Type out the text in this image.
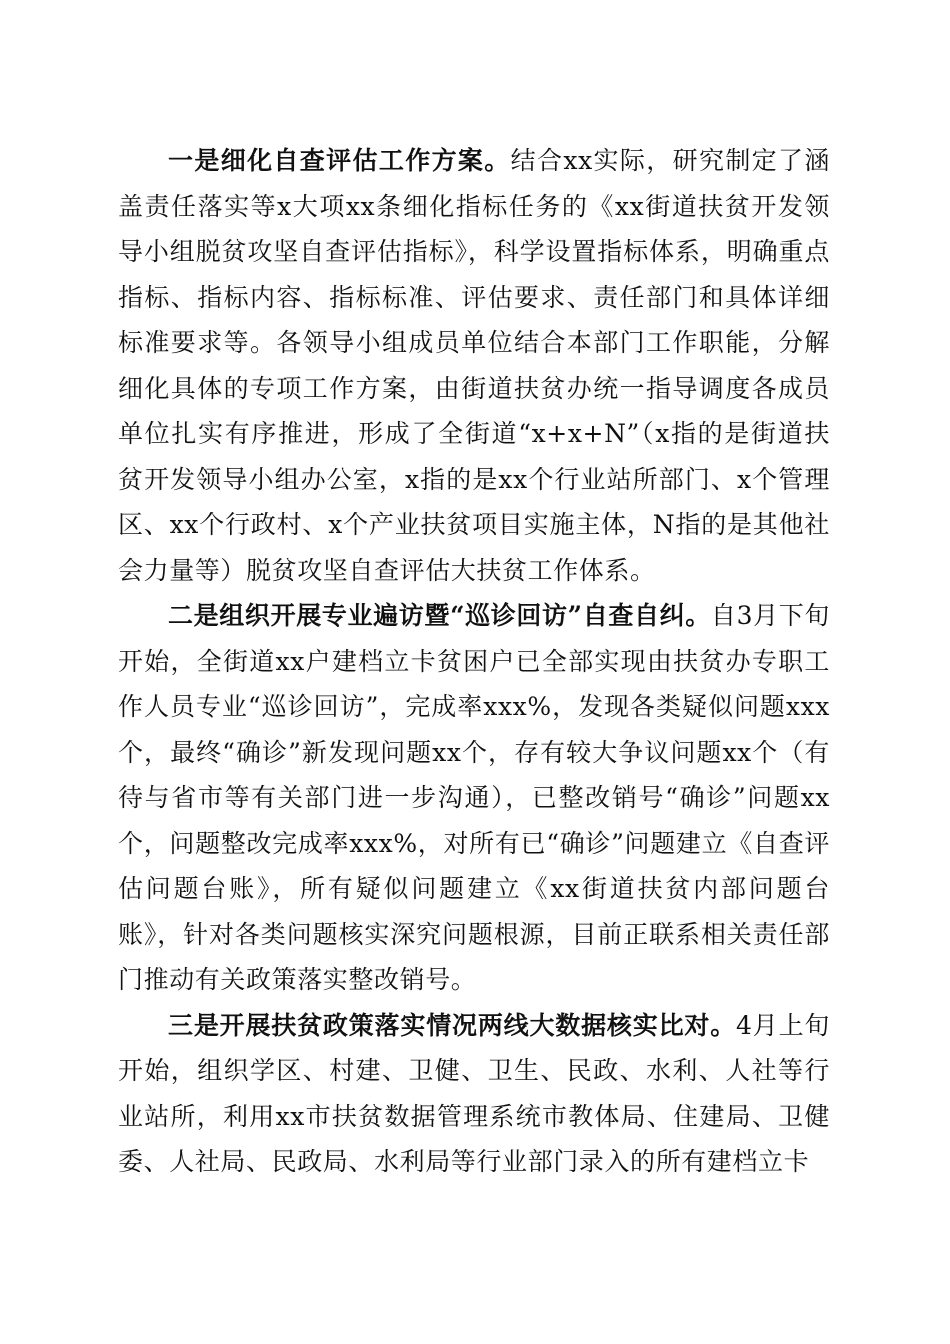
一是细化自查评估工作方案。结合xx实际，研究制定了涵盖责任落实等x大项xx条细化指标任务的《xx街道扶贫开发领导小组脱贫攻坚自查评估指标》，科学设置指标体系，明确重点指标、指标内容、指标标准、评估要求、责任部门和具体详细标准要求等。各领导小组成员单位结合本部门工作职能，分解细化具体的专项工作方案，由街道扶贫办统一指导调度各成员单位扎实有序推进，形成了全街道“x+x+N”（x指的是街道扶贫开发领导小组办公室，x指的是xx个行业站所部门、x个管理区、xx个行政村、x个产业扶贫项目实施主体，N指的是其他社会力量等）脱贫攻坚自查评估大扶贫工作体系。

二是组织开展专业遍访暨“巡诊回访”自查自纠。自3月下旬开始，全街道xx户建档立卡贫困户已全部实现由扶贫办专职工作人员专业“巡诊回访”，完成率xxx%，发现各类疑似问题xxx个，最终“确诊”新发现问题xx个，存有较大争议问题xx个（有待与省市等有关部门进一步沟通），已整改销号“确诊”问题xx个，问题整改完成率xxx%，对所有已“确诊”问题建立《自查评估问题台账》，所有疑似问题建立《xx街道扶贫内部问题台账》，针对各类问题核实深究问题根源，目前正联系相关责任部门推动有关政策落实整改销号。

三是开展扶贫政策落实情况两线大数据核实比对。4月上旬开始，组织学区、村建、卫健、卫生、民政、水利、人社等行业站所，利用xx市扶贫数据管理系统市教体局、住建局、卫健委、人社局、民政局、水利局等行业部门录入的所有建档立卡
